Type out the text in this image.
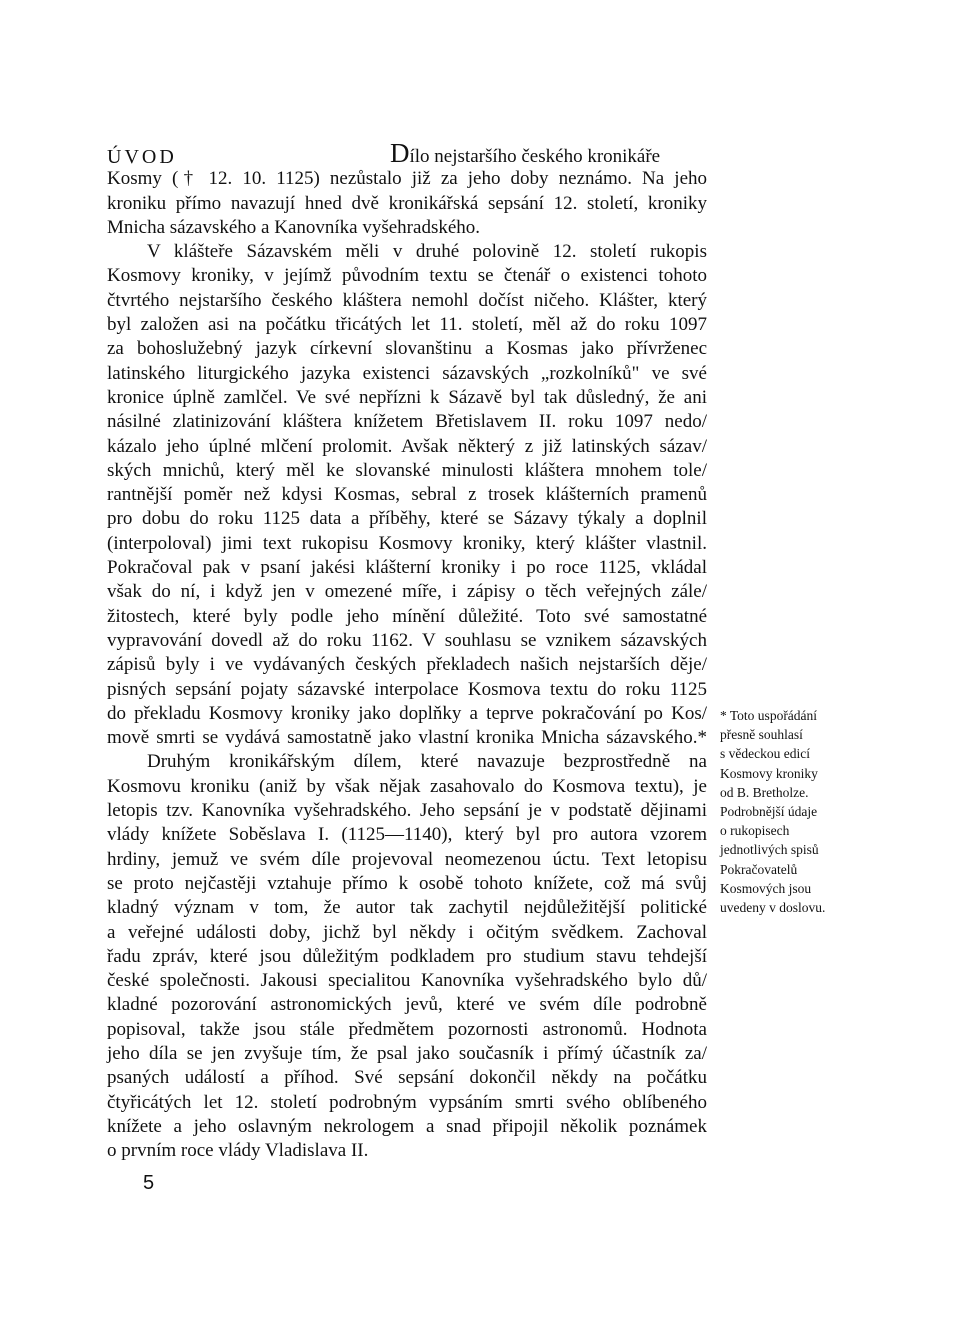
ÚVOD	Dílo nejstaršího českého kronikáře
Kosmy († 12. 10. 1125) nezůstalo již za jeho doby neznámo. Na jeho
kroniku přímo navazují hned dvě kronikářská sepsání 12. století, kroniky
Mnicha sázavského a Kanovníka vyšehradského.
V klášteře Sázavském měli v druhé polovině 12. století rukopis
Kosmovy kroniky, v jejímž původním textu se čtenář o existenci tohoto
čtvrtého nejstaršího českého kláštera nemohl dočíst ničeho. Klášter, který
byl založen asi na počátku třicátých let 11. století, měl až do roku 1097
za bohoslužebný jazyk církevní slovanštinu a Kosmas jako přívrženec
latinského liturgického jazyka existenci sázavských „rozkolníků" ve své
kronice úplně zamlčel. Ve své nepřízni k Sázavě byl tak důsledný, že ani
násilné zlatinizování kláštera knížetem Břetislavem II. roku 1097 nedo/
kázalo jeho úplné mlčení prolomit. Avšak některý z již latinských sázav/
ských mnichů, který měl ke slovanské minulosti kláštera mnohem tole/
rantnější poměr než kdysi Kosmas, sebral z trosek klášterních pramenů
pro dobu do roku 1125 data a příběhy, které se Sázavy týkaly a doplnil
(interpoloval) jimi text rukopisu Kosmovy kroniky, který klášter vlastnil.
Pokračoval pak v psaní jakési klášterní kroniky i po roce 1125, vkládal
však do ní, i když jen v omezené míře, i zápisy o těch veřejných zále/
žitostech, které byly podle jeho mínění důležité. Toto své samostatné
vypravování dovedl až do roku 1162. V souhlasu se vznikem sázavských
zápisů byly i ve vydávaných českých překladech našich nejstarších děje/
pisných sepsání pojaty sázavské interpolace Kosmova textu do roku 1125
do překladu Kosmovy kroniky jako doplňky a teprve pokračování po Kos/
mově smrti se vydává samostatně jako vlastní kronika Mnicha sázavského.*
Druhým kronikářským dílem, které navazuje bezprostředně na
Kosmovu kroniku (aniž by však nějak zasahovalo do Kosmova textu), je
letopis tzv. Kanovníka vyšehradského. Jeho sepsání je v podstatě dějinami
vlády knížete Soběslava I. (1125—1140), který byl pro autora vzorem
hrdiny, jemuž ve svém díle projevoval neomezenou úctu. Text letopisu
se proto nejčastěji vztahuje přímo k osobě tohoto knížete, což má svůj
kladný význam v tom, že autor tak zachytil nejdůležitější politické
a veřejné události doby, jichž byl někdy i očitým svědkem. Zachoval
řadu zpráv, které jsou důležitým podkladem pro studium stavu tehdejší
české společnosti. Jakousi specialitou Kanovníka vyšehradského bylo dů/
kladné pozorování astronomických jevů, které ve svém díle podrobně
popisoval, takže jsou stále předmětem pozornosti astronomů. Hodnota
jeho díla se jen zvyšuje tím, že psal jako současník i přímý účastník za/
psaných událostí a příhod. Své sepsání dokončil někdy na počátku
čtyřicátých let 12. století podrobným vypsáním smrti svého oblíbeného
knížete a jeho oslavným nekrologem a snad připojil několik poznámek
o prvním roce vlády Vladislava II.
* Toto uspořádání
přesně souhlasí
s vědeckou edicí
Kosmovy kroniky
od B. Bretholze.
Podrobnější údaje
o rukopisech
jednotlivých spisů
Pokračovatelů
Kosmových jsou
uvedeny v doslovu.
5
